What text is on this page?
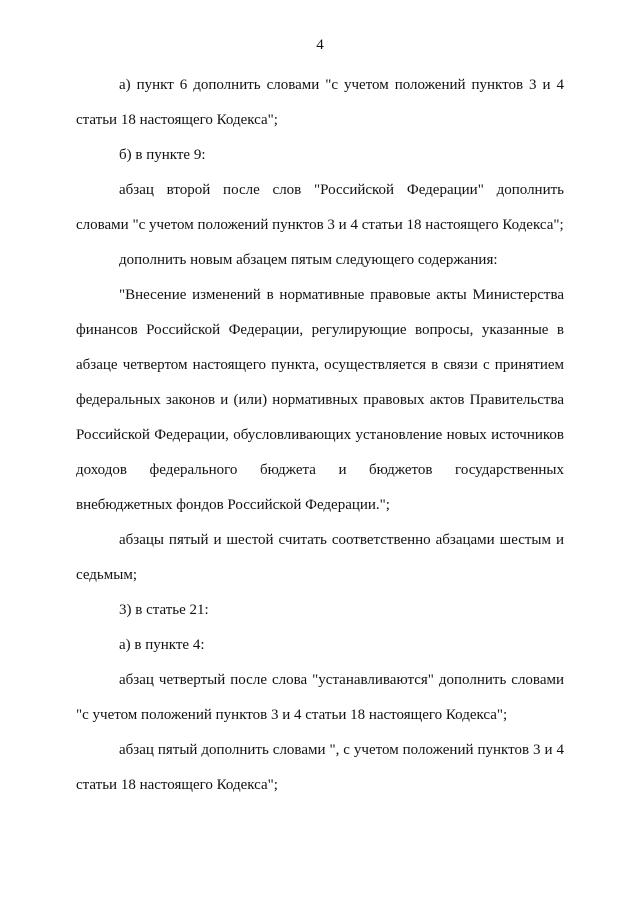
4

а) пункт 6 дополнить словами "с учетом положений пунктов 3 и 4 статьи 18 настоящего Кодекса";

б) в пункте 9:

абзац второй после слов "Российской Федерации" дополнить словами "с учетом положений пунктов 3 и 4 статьи 18 настоящего Кодекса";

дополнить новым абзацем пятым следующего содержания:

"Внесение изменений в нормативные правовые акты Министерства финансов Российской Федерации, регулирующие вопросы, указанные в абзаце четвертом настоящего пункта, осуществляется в связи с принятием федеральных законов и (или) нормативных правовых актов Правительства Российской Федерации, обусловливающих установление новых источников доходов федерального бюджета и бюджетов государственных внебюджетных фондов Российской Федерации.";

абзацы пятый и шестой считать соответственно абзацами шестым и седьмым;

3) в статье 21:

а) в пункте 4:

абзац четвертый после слова "устанавливаются" дополнить словами "с учетом положений пунктов 3 и 4 статьи 18 настоящего Кодекса";

абзац пятый дополнить словами ", с учетом положений пунктов 3 и 4 статьи 18 настоящего Кодекса";
